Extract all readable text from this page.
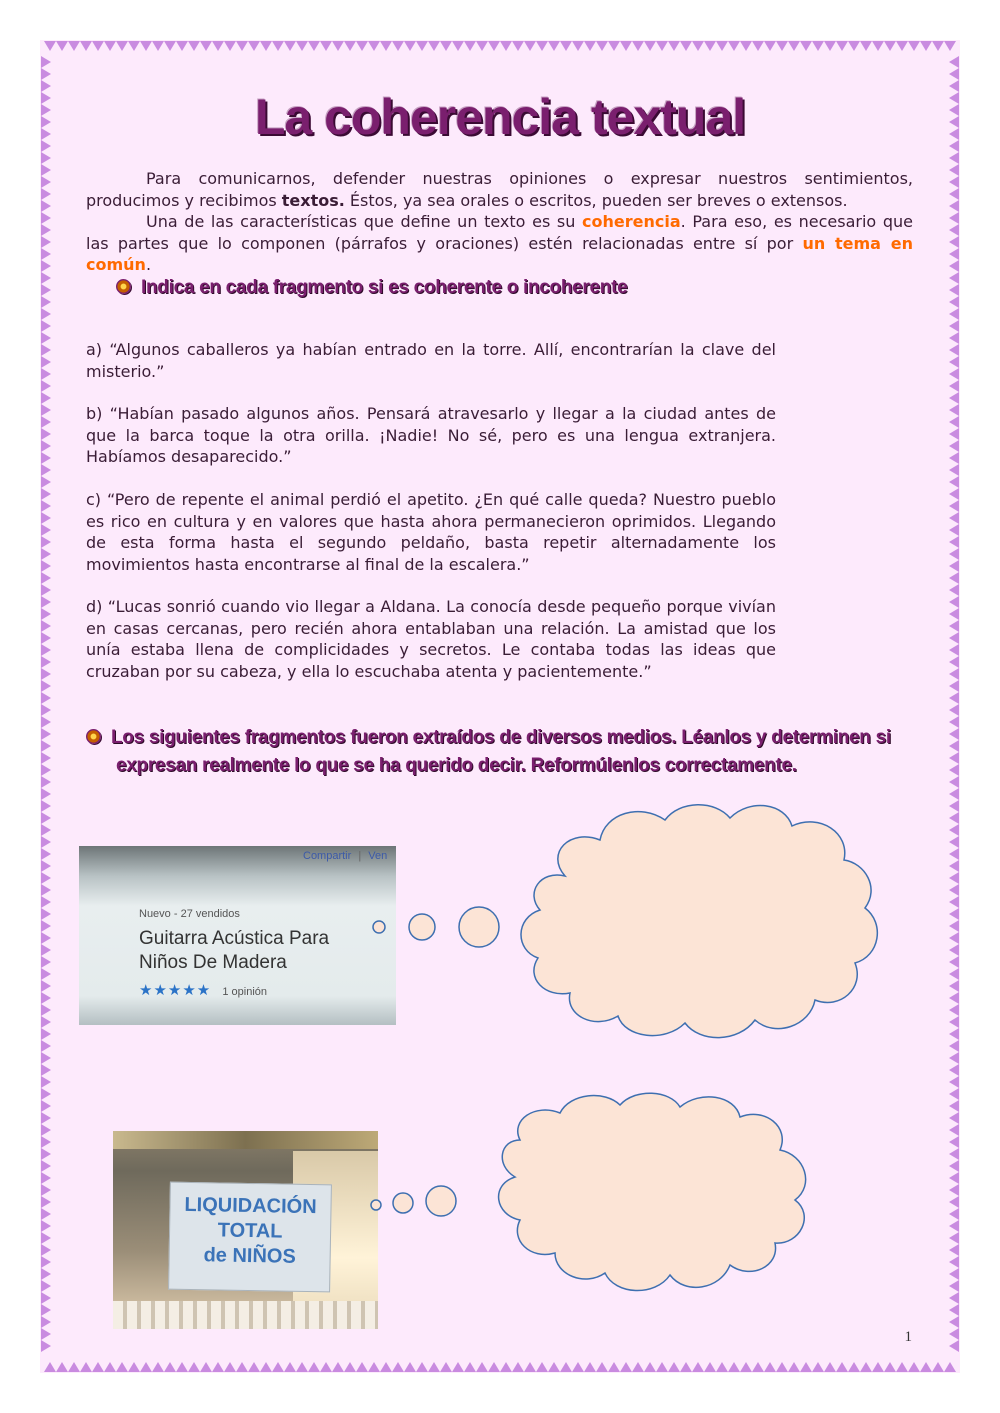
La coherencia textual

Para comunicarnos, defender nuestras opiniones o expresar nuestros sentimientos, producimos y recibimos textos. Éstos, ya sea orales o escritos, pueden ser breves o extensos.

Una de las características que define un texto es su coherencia. Para eso, es necesario que las partes que lo componen (párrafos y oraciones) estén relacionadas entre sí por un tema en común.

Indica en cada fragmento si es coherente o incoherente

a) “Algunos caballeros ya habían entrado en la torre. Allí, encontrarían la clave del misterio.”

b) “Habían pasado algunos años. Pensará atravesarlo y llegar a la ciudad antes de que la barca toque la otra orilla. ¡Nadie! No sé, pero es una lengua extranjera. Habíamos desaparecido.”

c) “Pero de repente el animal perdió el apetito. ¿En qué calle queda? Nuestro pueblo es rico en cultura y en valores que hasta ahora permanecieron oprimidos. Llegando de esta forma hasta el segundo peldaño, basta repetir alternadamente los movimientos hasta encontrarse al final de la escalera.”

d) “Lucas sonrió cuando vio llegar a Aldana. La conocía desde pequeño porque vivían en casas cercanas, pero recién ahora entablaban una relación. La amistad que los unía estaba llena de complicidades y secretos. Le contaba todas las ideas que cruzaban por su cabeza, y ella lo escuchaba atenta y pacientemente.”

Los siguientes fragmentos fueron extraídos de diversos medios. Léanlos y determinen si
expresan realmente lo que se ha querido decir. Reformúlenlos correctamente.
Compartir | Ven
Nuevo - 27 vendidos
Guitarra Acústica Para
Niños De Madera
★★★★★ 1 opinión
LIQUIDACIÓN
TOTAL
de NIÑOS
1
